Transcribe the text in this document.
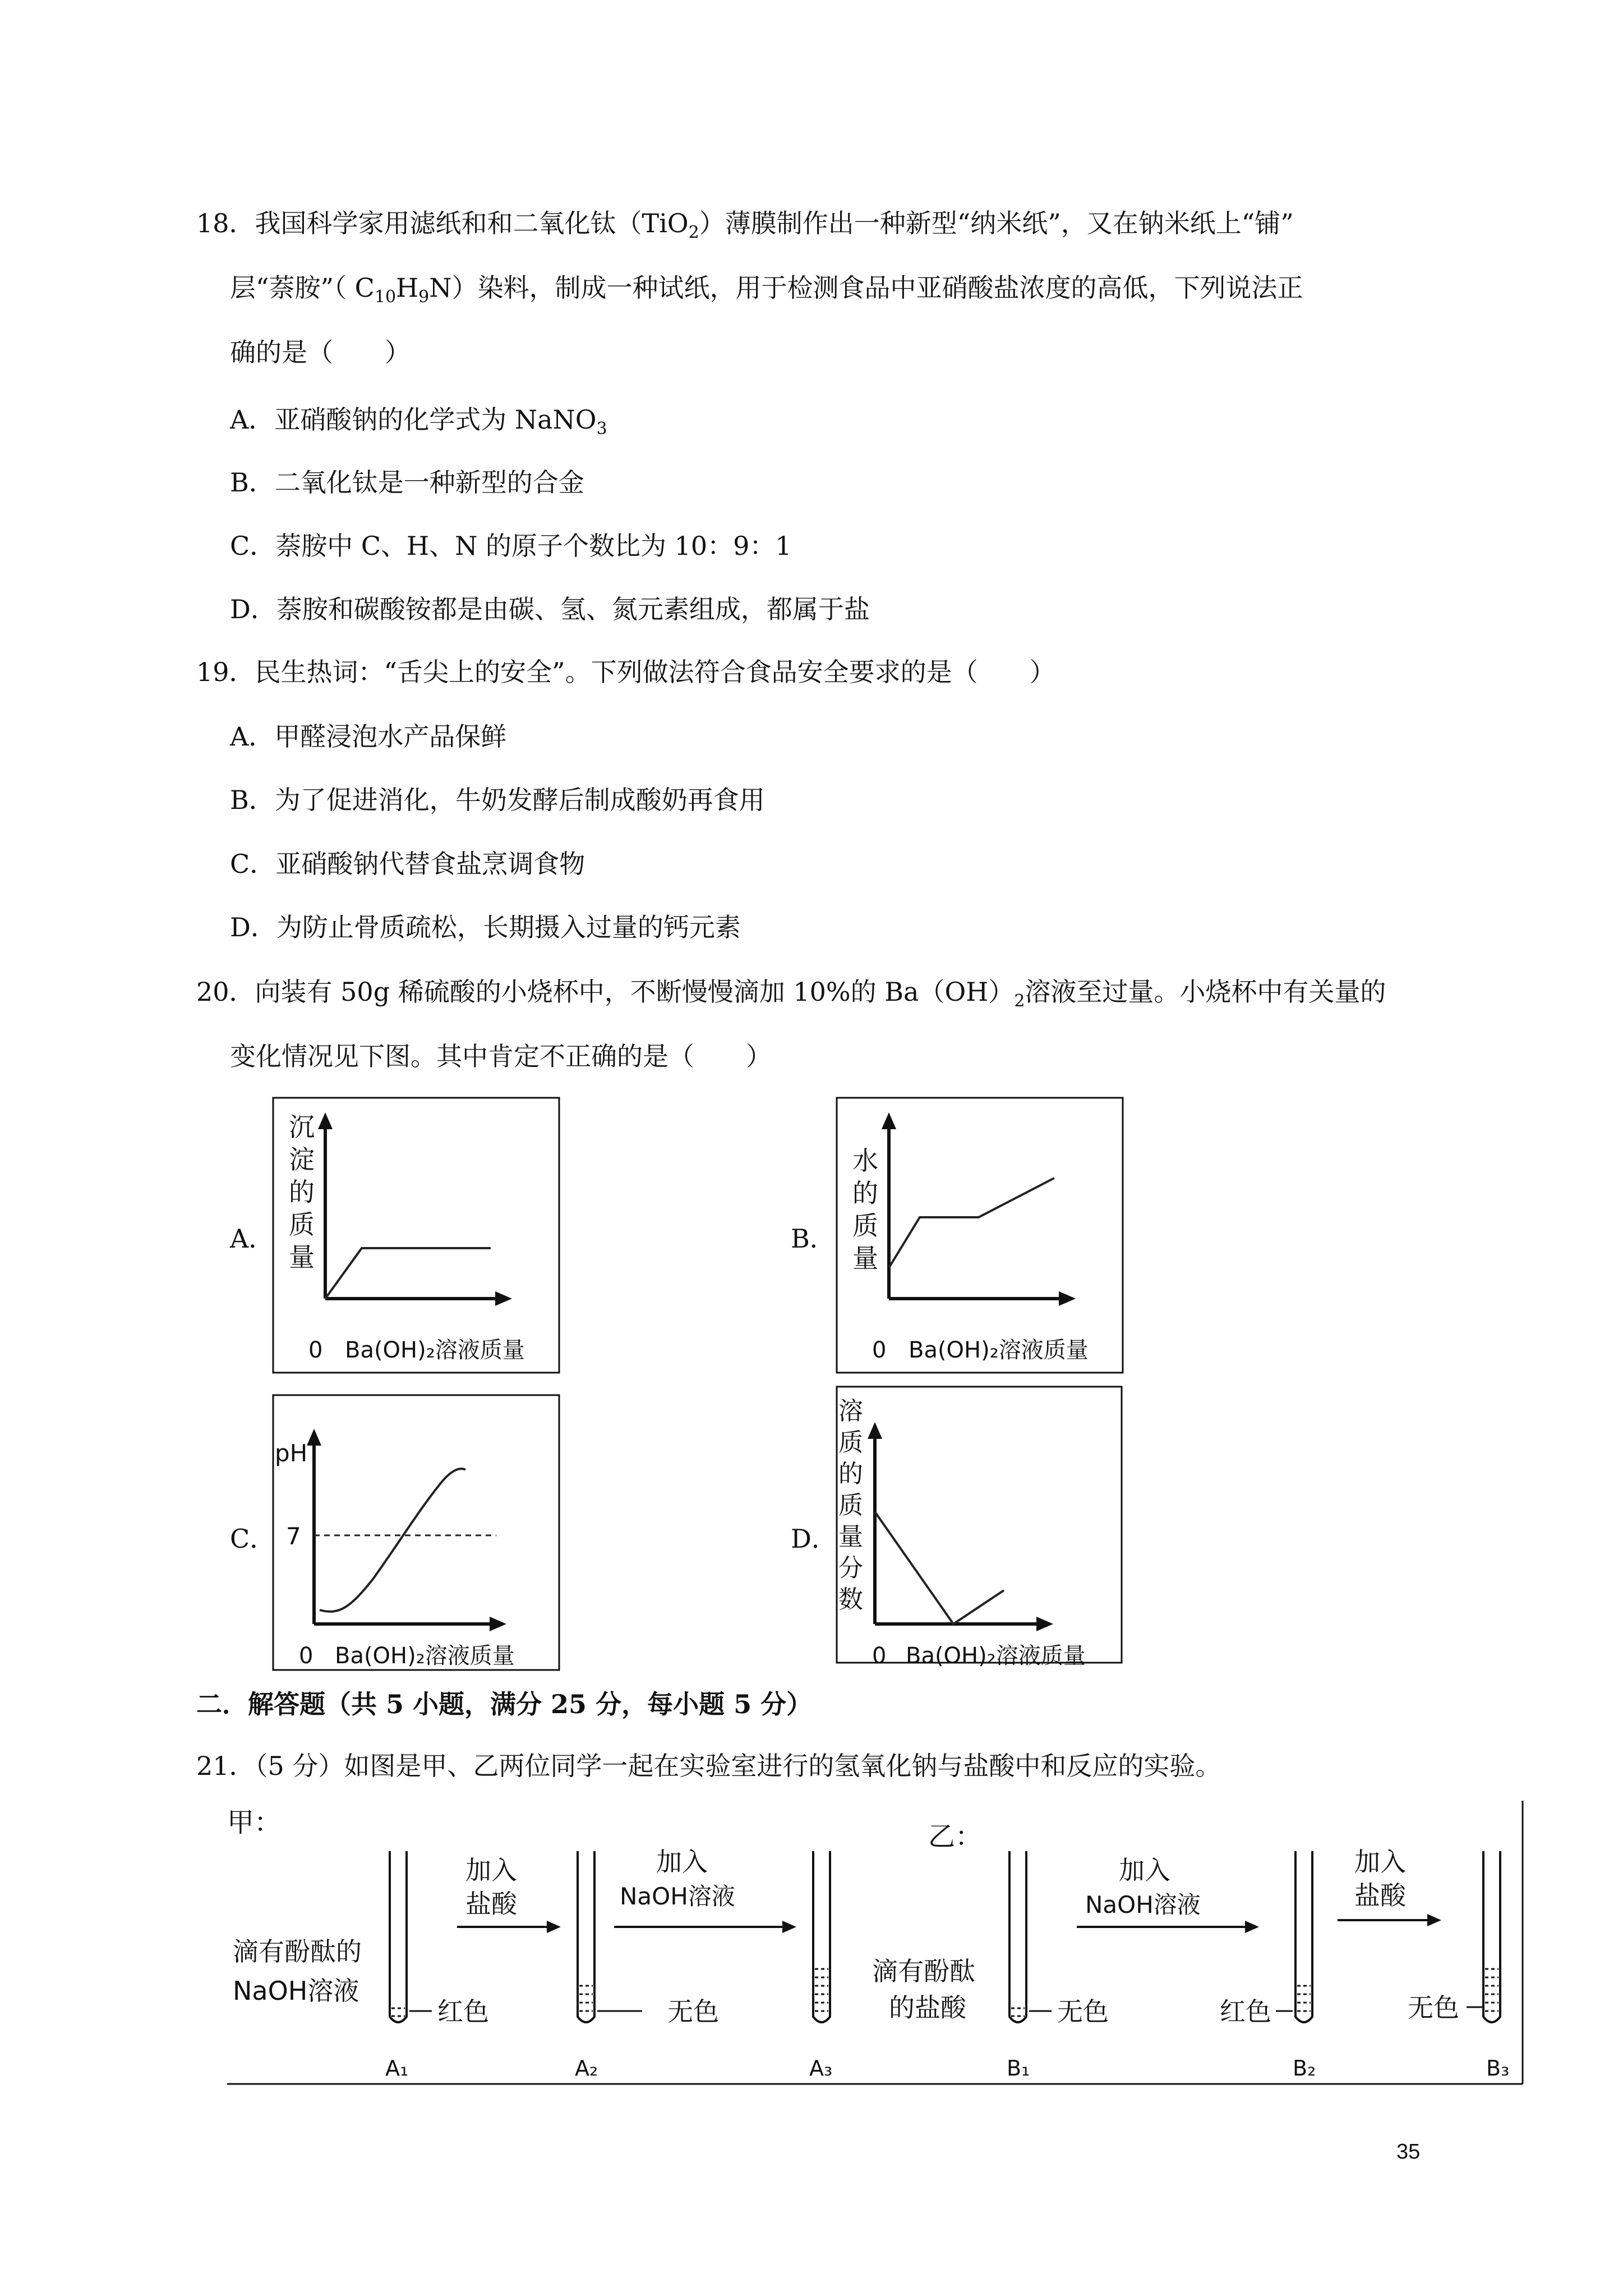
18．我国科学家用滤纸和和二氧化钛（TiO$_2$）薄膜制作出一种新型“纳米纸”，又在钠米纸上“铺”
层“萘胺”（ $C_{10}H_9N$）染料，制成一种试纸，用于检测食品中亚硝酸盐浓度的高低，下列说法正
确的是（　　）
A．亚硝酸钠的化学式为 NaNO$_3$
B．二氧化钛是一种新型的合金
C．萘胺中 C、H、N 的原子个数比为 10：9：1
D．萘胺和碳酸铵都是由碳、氢、氮元素组成，都属于盐
19．民生热词：“舌尖上的安全”。下列做法符合食品安全要求的是（　　）
A．甲醛浸泡水产品保鲜
B．为了促进消化，牛奶发酵后制成酸奶再食用
C．亚硝酸钠代替食盐烹调食物
D．为防止骨质疏松，长期摄入过量的钙元素
20．向装有 50g 稀硫酸的小烧杯中，不断慢慢滴加 10%的 $Ba(OH)_2$溶液至过量。小烧杯中有关量的
变化情况见下图。其中肯定不正确的是（　　）
A．	B．
C．	D．
沉
淀
的
质
量
0 Ba(OH)₂溶液质量
水
的
质
量
0 Ba(OH)₂溶液质量
pH
7
0 Ba(OH)₂溶液质量
溶
质
的
质
量
分
数
0 Ba(OH)₂溶液质量
二．解答题（共 5 小题，满分 25 分，每小题 5 分）
21．（5 分）如图是甲、乙两位同学一起在实验室进行的氢氧化钠与盐酸中和反应的实验。
甲：
滴有酚酞的
NaOH溶液
红色
A₁
加入
盐酸
无色
A₂
加入
NaOH溶液
A₃
乙：
滴有酚酞
的盐酸	无色
B₁
加入
NaOH溶液
红色
B₂
加入
盐酸
无色
B₃
35
